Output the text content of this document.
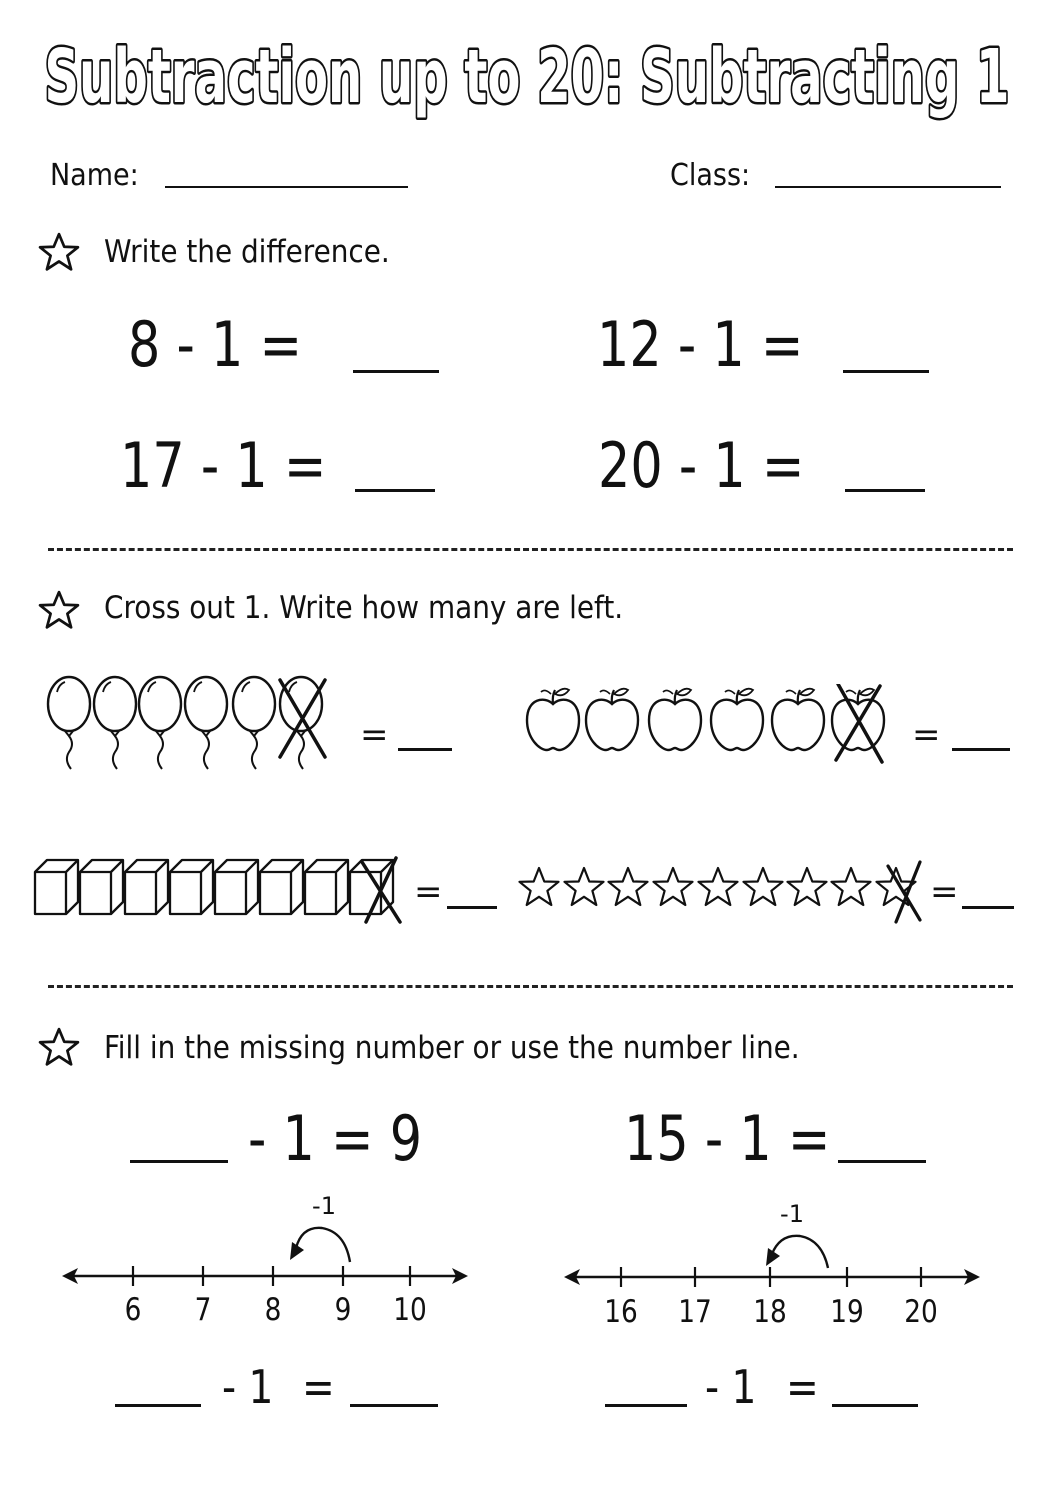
Subtraction up to 20: Subtracting 1
Name:	Class:
Write the difference.
8 - 1 =	12 - 1 =
17 - 1 =	20 - 1 =
Cross out 1. Write how many are left.
=	=
=	=
Fill in the missing number or use the number line.
- 1 = 9	15 - 1 =
-1
6	7	8	9	10
-1
16 17 18 19 20
- 1 =	- 1 =
